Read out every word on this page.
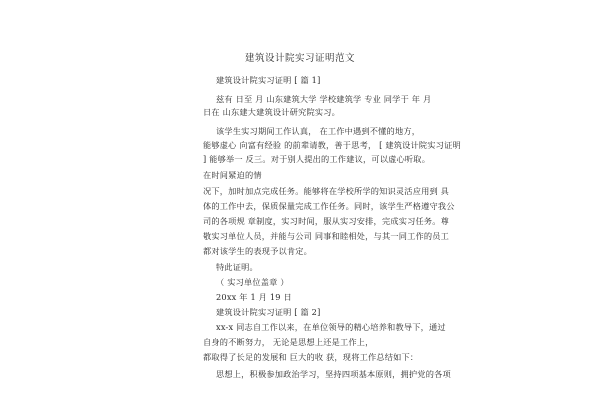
建筑设计院实习证明范文
建筑设计院实习证明 [ 篇 1]
兹有 日至 月 山东建筑大学 学校建筑学 专业 同学于 年 月
日在 山东建大建筑设计研究院实习。
该学生实习期间工作认真， 在工作中遇到不懂的地方，
能够虚心 向富有经验 的前辈请教，善于思考， [ 建筑设计院实习证明
] 能够举一 反三。对于别人提出的工作建议，可以虚心听取。
在时间紧迫的情
况下，加时加点完成任务。能够将在学校所学的知识灵活应用到 具
体的工作中去，保质保量完成工作任务。同时，该学生严格遵守我公
司的各项规 章制度，实习时间，服从实习安排，完成实习任务。尊
敬实习单位人员，并能与公司 同事和睦相处，与其一同工作的员工
都对该学生的表现予以肯定。
特此证明。
（ 实习单位盖章 ）
20xx 年 1 月 19 日
建筑设计院实习证明 [ 篇 2]
xx-x 同志自工作以来，在单位领导的精心培养和教导下，通过
自身的不断努力， 无论是思想上还是工作上，
都取得了长足的发展和 巨大的收 获，现将工作总结如下：
思想上，积极参加政治学习，坚持四项基本原则，拥护党的各项
